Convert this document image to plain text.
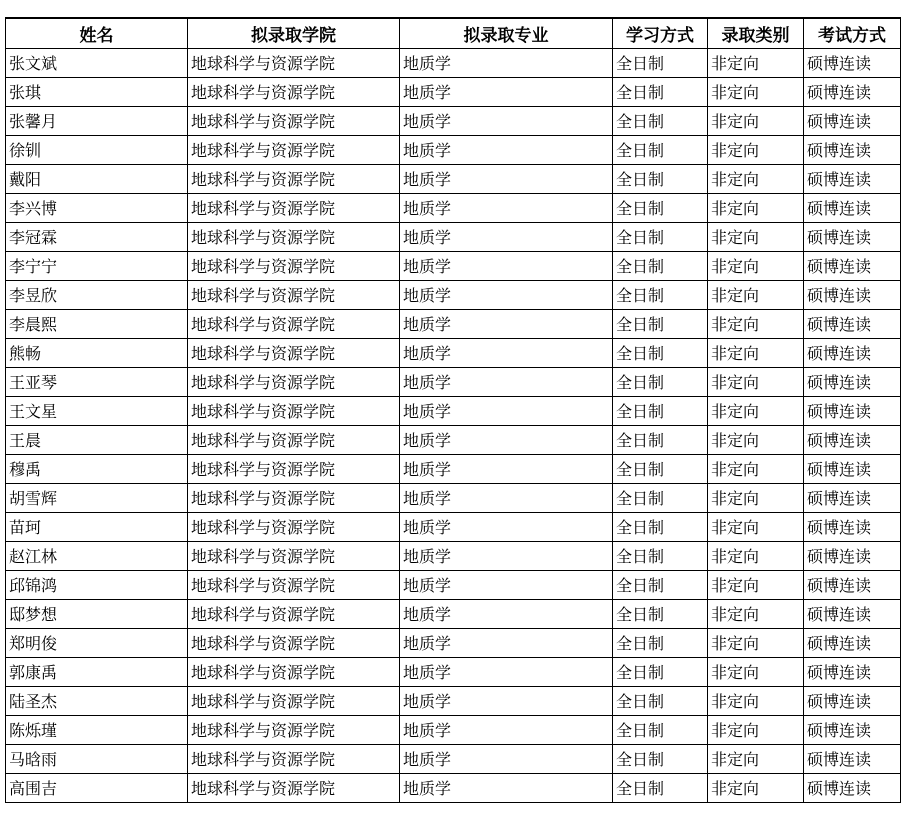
姓名	拟录取学院	拟录取专业	学习方式	录取类别	考试方式
张文斌	地球科学与资源学院	地质学	全日制	非定向	硕博连读
张琪	地球科学与资源学院	地质学	全日制	非定向	硕博连读
张馨月	地球科学与资源学院	地质学	全日制	非定向	硕博连读
徐钏	地球科学与资源学院	地质学	全日制	非定向	硕博连读
戴阳	地球科学与资源学院	地质学	全日制	非定向	硕博连读
李兴博	地球科学与资源学院	地质学	全日制	非定向	硕博连读
李冠霖	地球科学与资源学院	地质学	全日制	非定向	硕博连读
李宁宁	地球科学与资源学院	地质学	全日制	非定向	硕博连读
李昱欣	地球科学与资源学院	地质学	全日制	非定向	硕博连读
李晨熙	地球科学与资源学院	地质学	全日制	非定向	硕博连读
熊畅	地球科学与资源学院	地质学	全日制	非定向	硕博连读
王亚琴	地球科学与资源学院	地质学	全日制	非定向	硕博连读
王文星	地球科学与资源学院	地质学	全日制	非定向	硕博连读
王晨	地球科学与资源学院	地质学	全日制	非定向	硕博连读
穆禹	地球科学与资源学院	地质学	全日制	非定向	硕博连读
胡雪辉	地球科学与资源学院	地质学	全日制	非定向	硕博连读
苗珂	地球科学与资源学院	地质学	全日制	非定向	硕博连读
赵江林	地球科学与资源学院	地质学	全日制	非定向	硕博连读
邱锦鸿	地球科学与资源学院	地质学	全日制	非定向	硕博连读
邸梦想	地球科学与资源学院	地质学	全日制	非定向	硕博连读
郑明俊	地球科学与资源学院	地质学	全日制	非定向	硕博连读
郭康禹	地球科学与资源学院	地质学	全日制	非定向	硕博连读
陆圣杰	地球科学与资源学院	地质学	全日制	非定向	硕博连读
陈烁瑾	地球科学与资源学院	地质学	全日制	非定向	硕博连读
马晗雨	地球科学与资源学院	地质学	全日制	非定向	硕博连读
高围吉	地球科学与资源学院	地质学	全日制	非定向	硕博连读
